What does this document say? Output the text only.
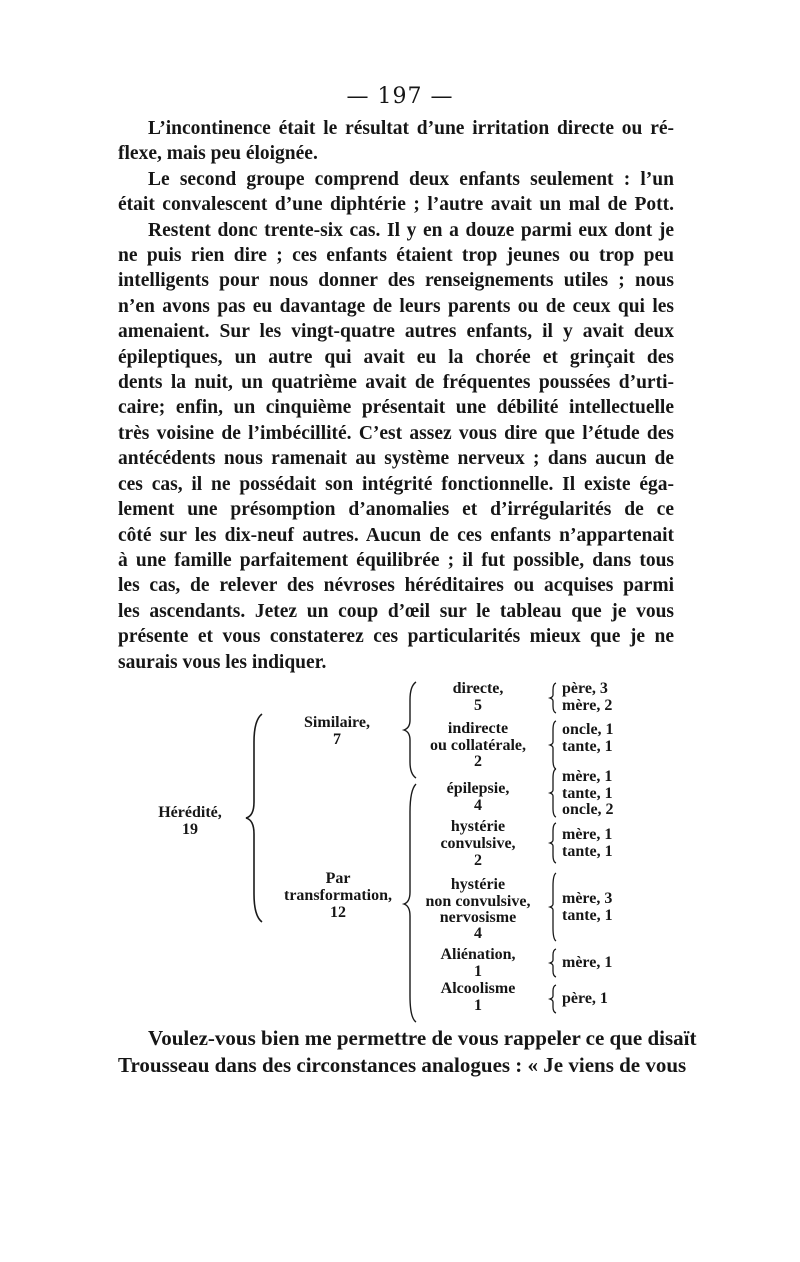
— 197 —

L’incontinence était le résultat d’une irritation directe ou ré-
flexe, mais peu éloignée.

Le second groupe comprend deux enfants seulement : l’un
était convalescent d’une diphtérie ; l’autre avait un mal de Pott.

Restent donc trente-six cas. Il y en a douze parmi eux dont je
ne puis rien dire ; ces enfants étaient trop jeunes ou trop peu
intelligents pour nous donner des renseignements utiles ; nous
n’en avons pas eu davantage de leurs parents ou de ceux qui les
amenaient. Sur les vingt-quatre autres enfants, il y avait deux
épileptiques, un autre qui avait eu la chorée et grinçait des
dents la nuit, un quatrième avait de fréquentes poussées d’urti-
caire; enfin, un cinquième présentait une débilité intellectuelle
très voisine de l’imbécillité. C’est assez vous dire que l’étude des
antécédents nous ramenait au système nerveux ; dans aucun de
ces cas, il ne possédait son intégrité fonctionnelle. Il existe éga-
lement une présomption d’anomalies et d’irrégularités de ce
côté sur les dix-neuf autres. Aucun de ces enfants n’appartenait
à une famille parfaitement équilibrée ; il fut possible, dans tous
les cas, de relever des névroses héréditaires ou acquises parmi
les ascendants. Jetez un coup d’œil sur le tableau que je vous
présente et vous constaterez ces particularités mieux que je ne
saurais vous les indiquer.

Hérédité,
19
Similaire,
7
Par
transformation,
12
directe,
5
indirecte
ou collatérale,
2
épilepsie,
4
hystérie
convulsive,
2
hystérie
non convulsive,
nervosisme
4
Aliénation,
1
Alcoolisme
1
père, 3
mère, 2
oncle, 1
tante, 1
mère, 1
tante, 1
oncle, 2
mère, 1
tante, 1
mère, 3
tante, 1
mère, 1
père, 1
Voulez-vous bien me permettre de vous rappeler ce que disaït
Trousseau dans des circonstances analogues : « Je viens de vous
